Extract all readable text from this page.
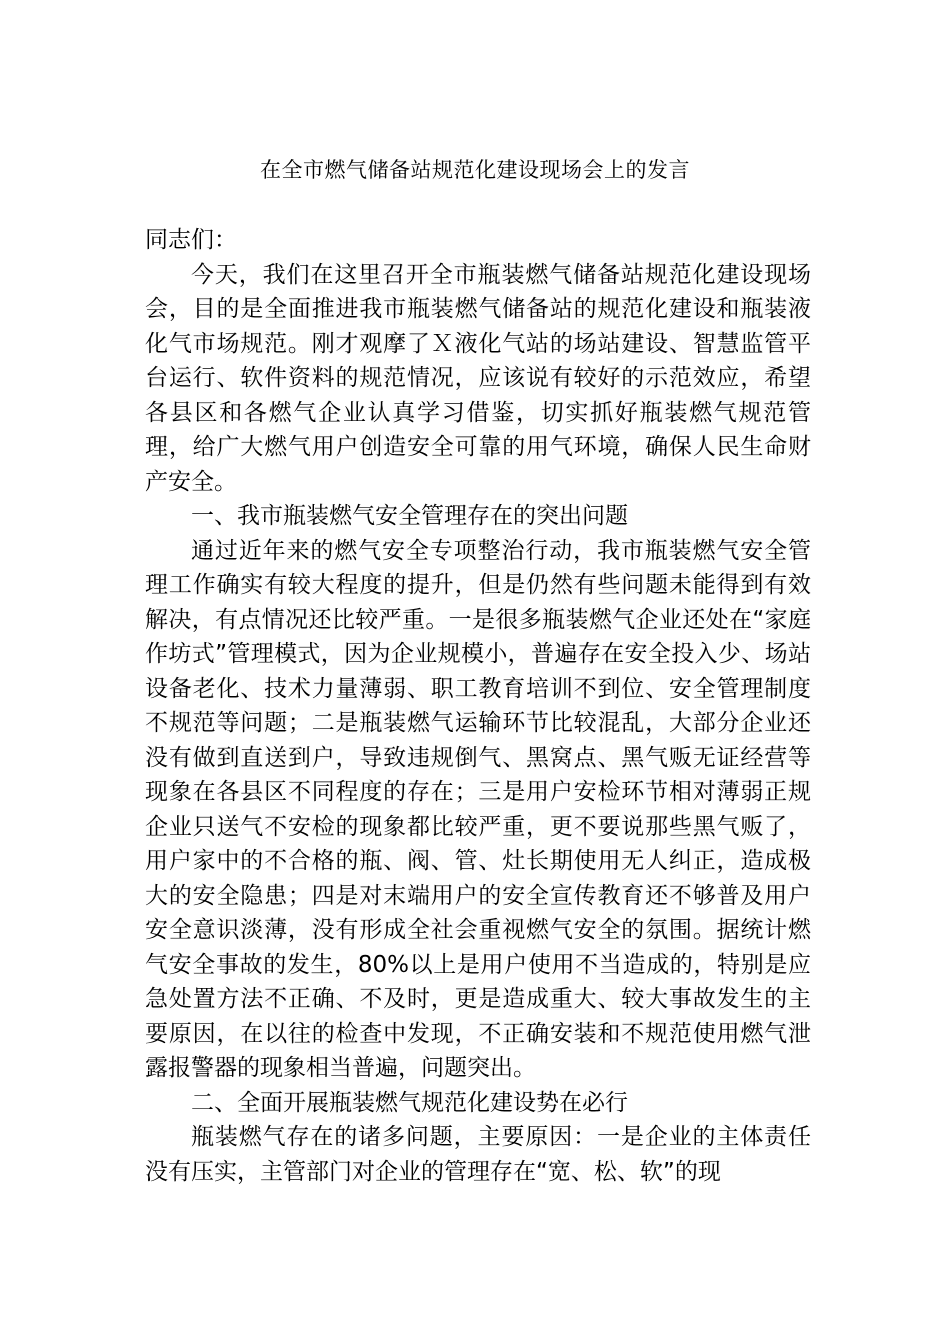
在全市燃气储备站规范化建设现场会上的发言

同志们：

今天，我们在这里召开全市瓶装燃气储备站规范化建设现场会，目的是全面推进我市瓶装燃气储备站的规范化建设和瓶装液化气市场规范。刚才观摩了Ｘ液化气站的场站建设、智慧监管平台运行、软件资料的规范情况，应该说有较好的示范效应，希望各县区和各燃气企业认真学习借鉴，切实抓好瓶装燃气规范管理，给广大燃气用户创造安全可靠的用气环境，确保人民生命财产安全。

一、我市瓶装燃气安全管理存在的突出问题

通过近年来的燃气安全专项整治行动，我市瓶装燃气安全管理工作确实有较大程度的提升，但是仍然有些问题未能得到有效解决，有点情况还比较严重。一是很多瓶装燃气企业还处在“家庭作坊式”管理模式，因为企业规模小，普遍存在安全投入少、场站设备老化、技术力量薄弱、职工教育培训不到位、安全管理制度不规范等问题；二是瓶装燃气运输环节比较混乱，大部分企业还没有做到直送到户，导致违规倒气、黑窝点、黑气贩无证经营等现象在各县区不同程度的存在；三是用户安检环节相对薄弱正规企业只送气不安检的现象都比较严重，更不要说那些黑气贩了，用户家中的不合格的瓶、阀、管、灶长期使用无人纠正，造成极大的安全隐患；四是对末端用户的安全宣传教育还不够普及用户安全意识淡薄，没有形成全社会重视燃气安全的氛围。据统计燃气安全事故的发生，80%以上是用户使用不当造成的，特别是应急处置方法不正确、不及时，更是造成重大、较大事故发生的主要原因，在以往的检查中发现，不正确安装和不规范使用燃气泄露报警器的现象相当普遍，问题突出。

二、全面开展瓶装燃气规范化建设势在必行

瓶装燃气存在的诸多问题，主要原因：一是企业的主体责任没有压实，主管部门对企业的管理存在“宽、松、软”的现
